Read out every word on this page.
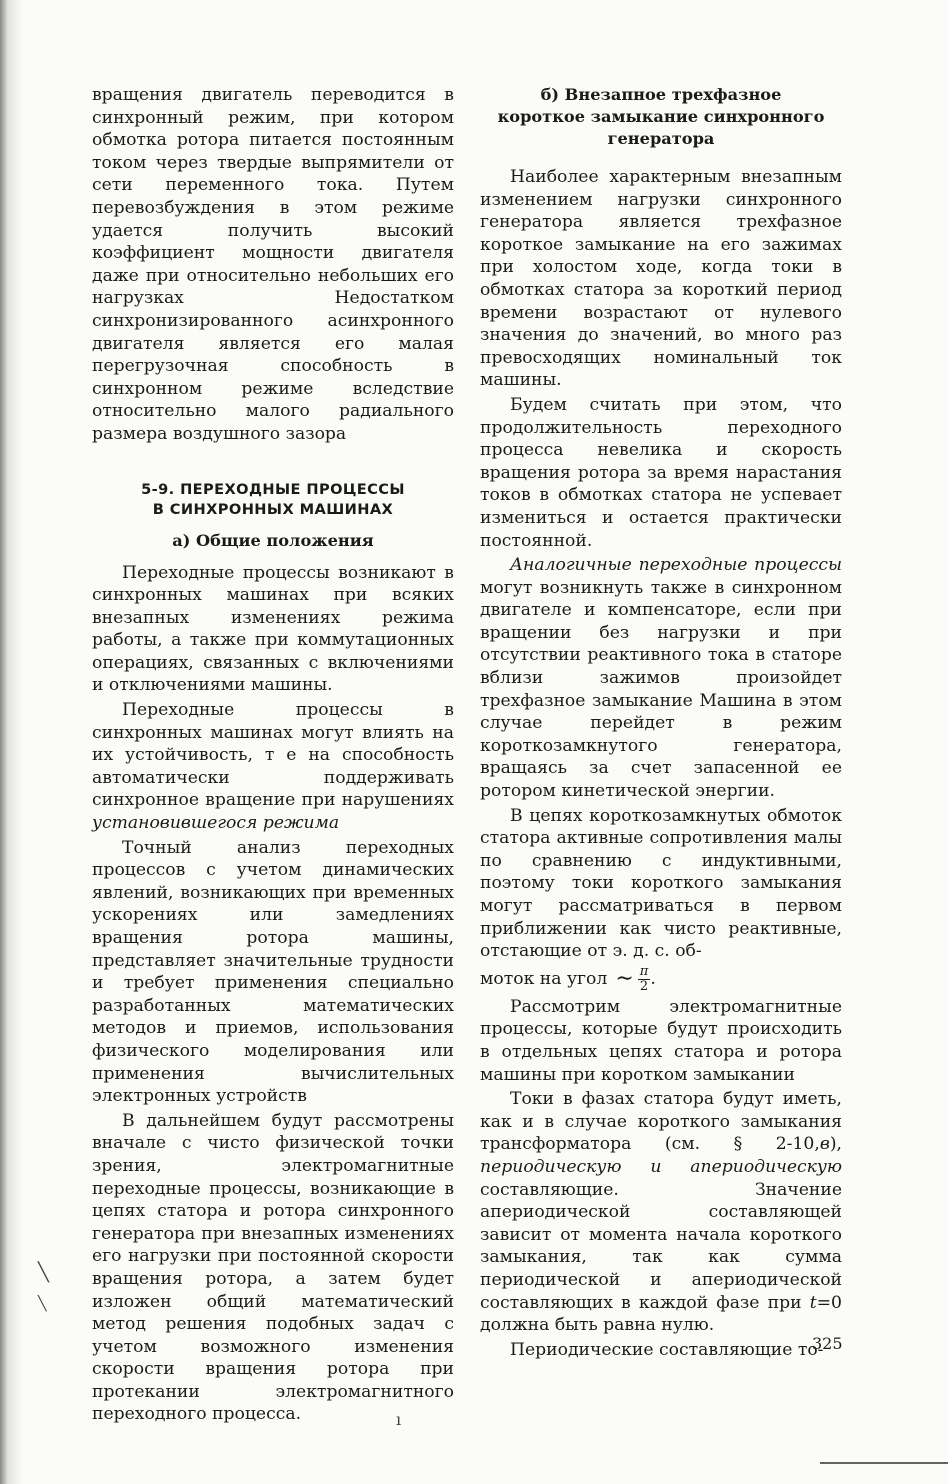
вращения двигатель переводится в синхронный режим, при котором обмотка ротора питается постоянным током через твердые выпрямители от сети переменного тока. Путем перевозбуждения в этом режиме удается получить высокий коэффициент мощности двигателя даже при относительно небольших его нагрузках Недостатком синхронизированного асинхронного двигателя является его малая перегрузочная способность в синхронном режиме вследствие относительно малого радиального размера воздушного зазора

5-9. ПЕРЕХОДНЫЕ ПРОЦЕССЫ
В СИНХРОННЫХ МАШИНАХ
а) Общие положения

Переходные процессы возникают в синхронных машинах при всяких внезапных изменениях режима работы, а также при коммутационных операциях, связанных с включениями и отключениями машины.

Переходные процессы в синхронных машинах могут влиять на их устойчивость, т е на способность автоматически поддерживать синхронное вращение при нарушениях установившегося режима

Точный анализ переходных процессов с учетом динамических явлений, возникающих при временных ускорениях или замедлениях вращения ротора машины, представляет значительные трудности и требует применения специально разработанных математических методов и приемов, использования физического моделирования или применения вычислительных электронных устройств

В дальнейшем будут рассмотрены вначале с чисто физической точки зрения, электромагнитные переходные процессы, возникающие в цепях статора и ротора синхронного генератора при внезапных изменениях его нагрузки при постоянной скорости вращения ротора, а затем будет изложен общий математический метод решения подобных задач с учетом возможного изменения скорости вращения ротора при протекании электромагнитного переходного процесса.

б) Внезапное трехфазное
короткое замыкание синхронного
генератора

Наиболее характерным внезапным изменением нагрузки синхронного генератора является трехфазное короткое замыкание на его зажимах при холостом ходе, когда токи в обмотках статора за короткий период времени возрастают от нулевого значения до значений, во много раз превосходящих номинальный ток машины.

Будем считать при этом, что продолжительность переходного процесса невелика и скорость вращения ротора за время нарастания токов в обмотках статора не успевает измениться и остается практически постоянной.

Аналогичные переходные процессы могут возникнуть также в синхронном двигателе и компенсаторе, если при вращении без нагрузки и при отсутствии реактивного тока в статоре вблизи зажимов произойдет трехфазное замыкание Машина в этом случае перейдет в режим короткозамкнутого генератора, вращаясь за счет запасенной ее ротором кинетической энергии.

В цепях короткозамкнутых обмоток статора активные сопротивления малы по сравнению с индуктивными, поэтому токи короткого замыкания могут рассматриваться в первом приближении как чисто реактивные, отстающие от э. д. с. об-

моток на угол ∼ $\frac{\pi}{2}$ .

Рассмотрим электромагнитные процессы, которые будут происходить в отдельных цепях статора и ротора машины при коротком замыкании

Токи в фазах статора будут иметь, как и в случае короткого замыкания трансформатора (см. § 2-10,в), периодическую и апериодическую составляющие. Значение апериодической составляющей зависит от момента начала короткого замыкания, так как сумма периодической и апериодической составляющих в каждой фазе при t=0 должна быть равна нулю.

Периодические составляющие то-

325
╲
╲
ı
